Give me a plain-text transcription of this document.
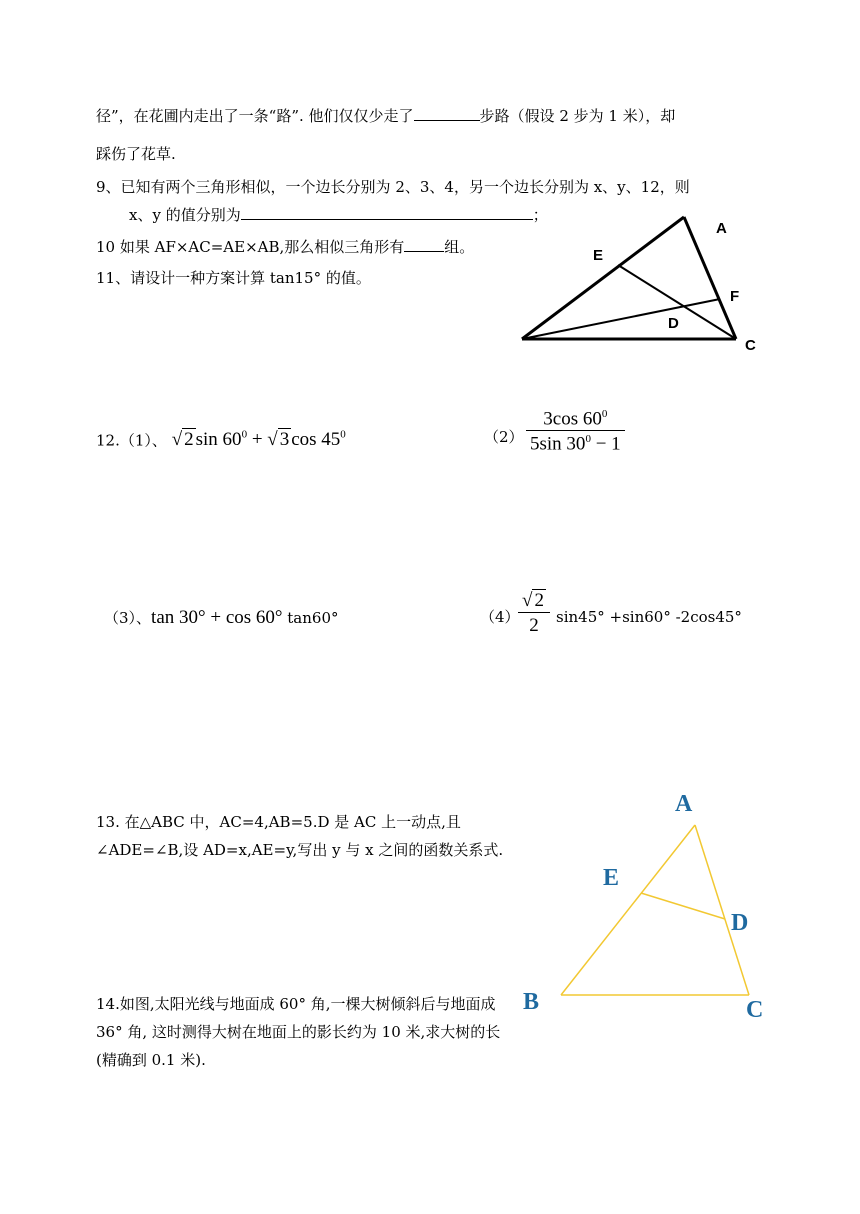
径”，在花圃内走出了一条“路”. 他们仅仅少走了	步路（假设 2 步为 1 米），却
踩伤了花草.
9、已知有两个三角形相似，一个边长分别为 2、3、4，另一个边长分别为 x、y、12，则
x、y 的值分别为	；
10 如果 AF×AC=AE×AB,那么相似三角形有	组。
11、请设计一种方案计算 tan15° 的值。
A
E
F
D
C
12.（1）、 √ 2 $\sin 60^0$ + √ 3 $\cos 45^0$	$(2) \frac{3\cos 60^0}{5\sin 30^0 - 1}$
（3）、tan 30° + cos 60° tan60°	（4）
$\frac{√ 2}{2} \sin 45^\circ +\sin 60^\circ$ -2cos45°
13. 在△ABC 中，AC=4,AB=5.D 是 AC 上一动点,且∠ADE=∠B,设 AD=x,AE=y,写出 y 与 x 之间的函数关系式.
14.如图,太阳光线与地面成 60° 角,一棵大树倾斜后与地面成 36° 角, 这时测得大树在地面上的影长约为 10 米,求大树的长(精确到 0.1 米).
A
E
D
B	C
